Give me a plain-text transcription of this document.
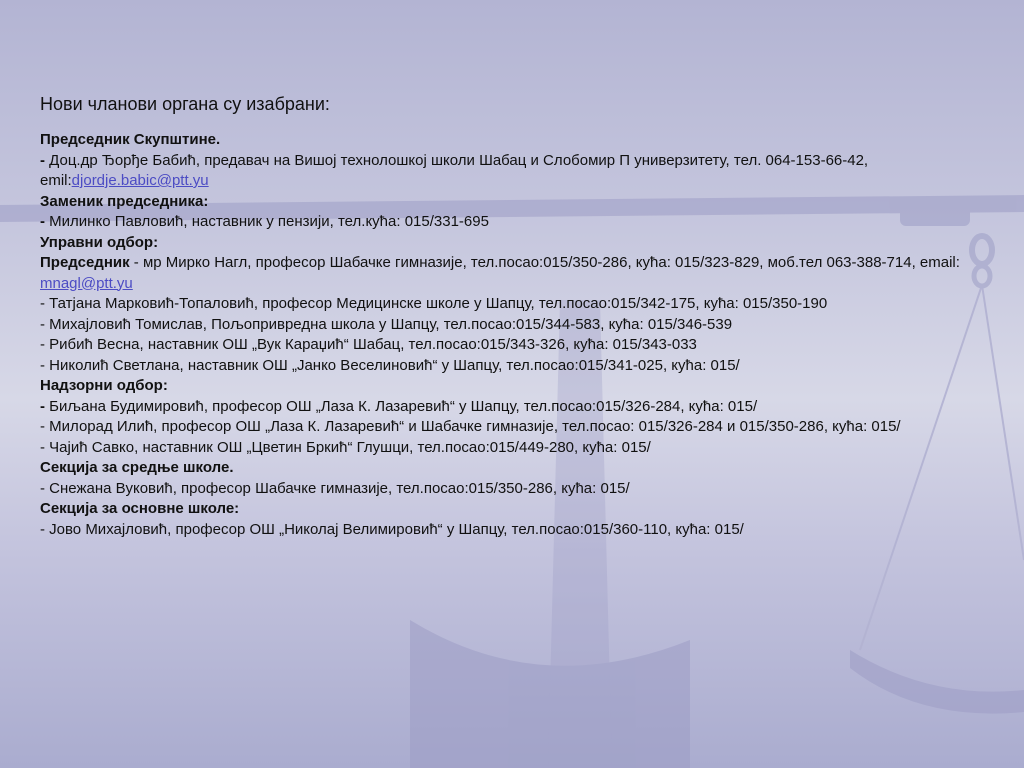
Нови чланови органа су изабрани:

Председник Скупштине.

- Доц.др Ђорђе Бабић, предавач на Вишој технолошкој школи Шабац и Слобомир П универзитету, тел. 064-153-66-42, emil:djordje.babic@ptt.yu

Заменик председника:

- Милинко Павловић, наставник у пензији, тел.кућа: 015/331-695

Управни одбор:

Председник - мр Мирко Нагл, професор Шабачке гимназије, тел.посао:015/350-286, кућа: 015/323-829, моб.тел 063-388-714, email: mnagl@ptt.yu

- Татјана Марковић-Топаловић, професор Медицинске школе у Шапцу, тел.посао:015/342-175, кућа: 015/350-190

- Михајловић Томислав, Пољопривредна школа у Шапцу, тел.посао:015/344-583, кућа: 015/346-539

- Рибић Весна, наставник ОШ „Вук Караџић“ Шабац, тел.посао:015/343-326, кућа: 015/343-033

- Николић Светлана, наставник ОШ „Јанко Веселиновић“ у Шапцу, тел.посао:015/341-025, кућа: 015/

Надзорни одбор:

- Биљана Будимировић, професор ОШ „Лаза К. Лазаревић“ у Шапцу, тел.посао:015/326-284, кућа: 015/

- Милорад Илић, професор ОШ „Лаза К. Лазаревић“ и Шабачке гимназије, тел.посао: 015/326-284 и 015/350-286, кућа: 015/

- Чајић Савко, наставник ОШ „Цветин Бркић“ Глушци, тел.посао:015/449-280, кућа: 015/

Секција за средње школе.

- Снежана Вуковић, професор Шабачке гимназије, тел.посао:015/350-286, кућа: 015/

Секција за основне школе:

- Јово Михајловић, професор ОШ „Николај Велимировић“ у Шапцу, тел.посао:015/360-110, кућа: 015/
